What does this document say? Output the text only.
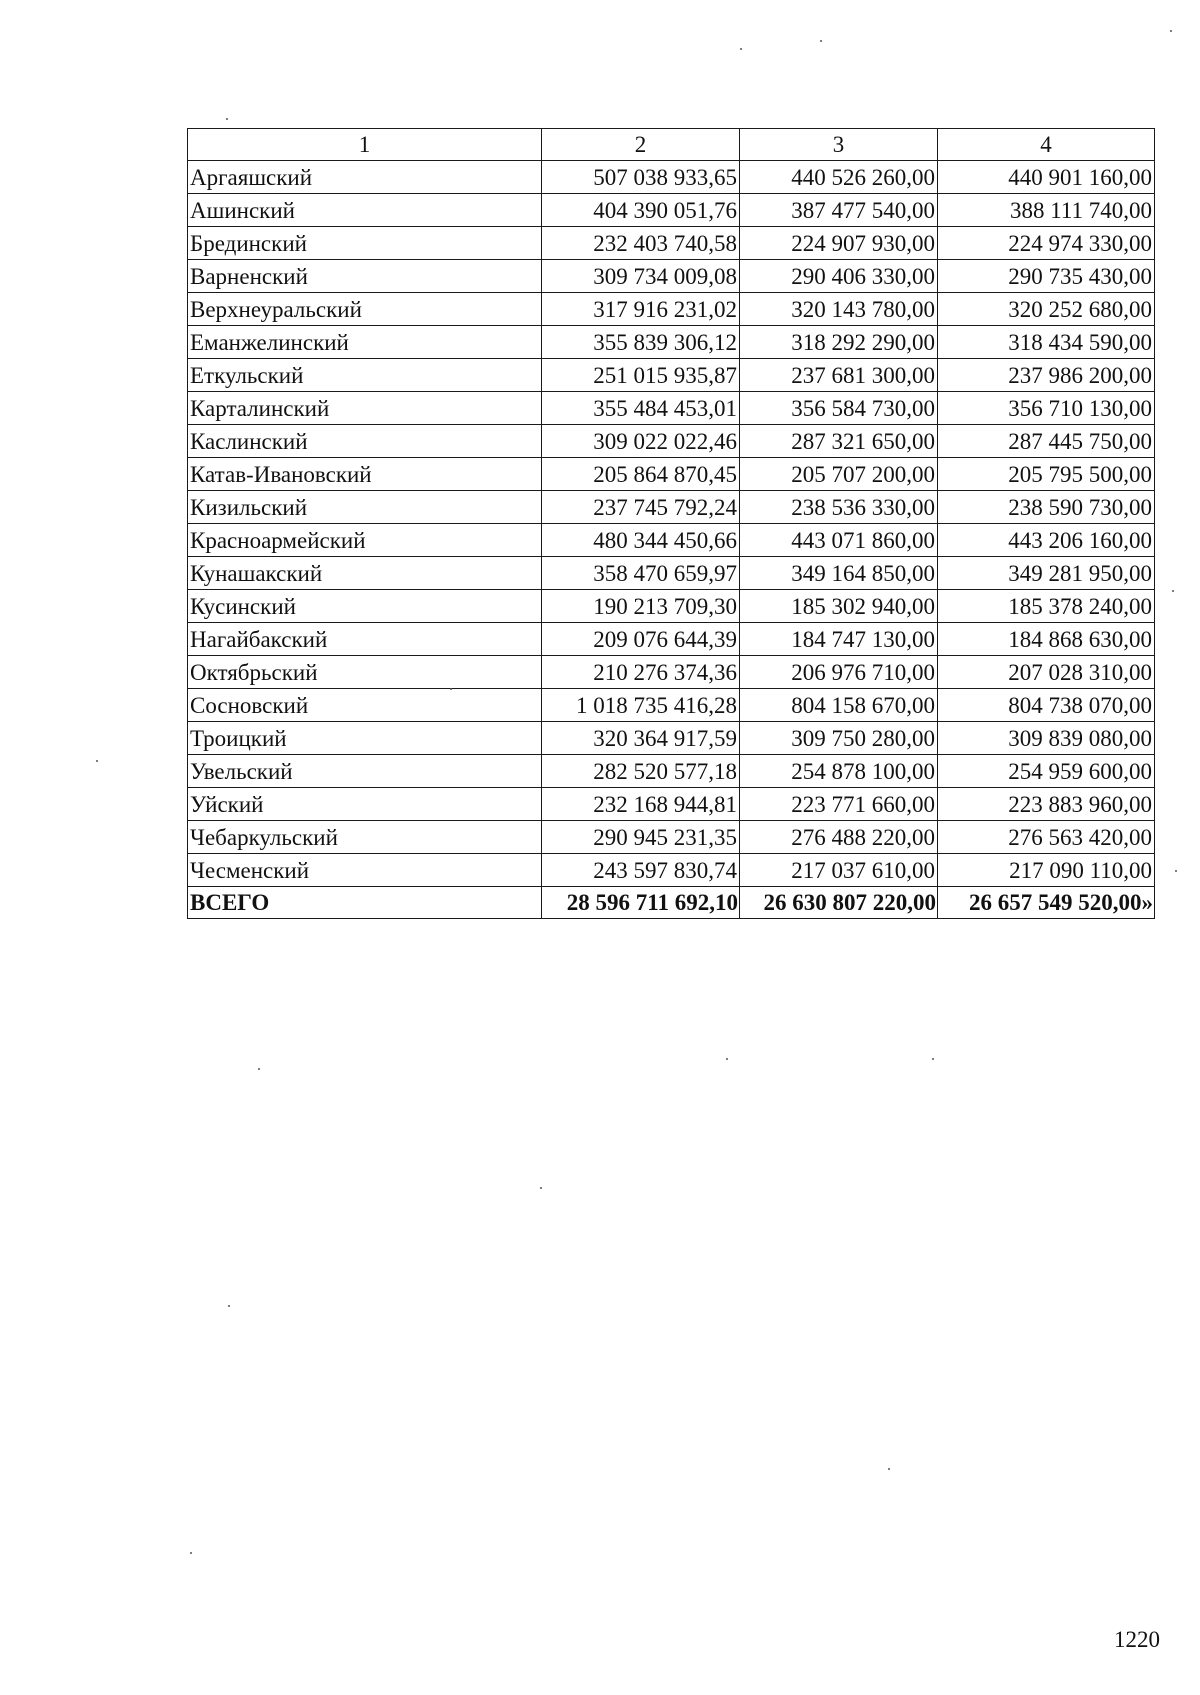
1	2	3	4
Аргаяшский	507 038 933,65	440 526 260,00	440 901 160,00
Ашинский	404 390 051,76	387 477 540,00	388 111 740,00
Брединский	232 403 740,58	224 907 930,00	224 974 330,00
Варненский	309 734 009,08	290 406 330,00	290 735 430,00
Верхнеуральский	317 916 231,02	320 143 780,00	320 252 680,00
Еманжелинский	355 839 306,12	318 292 290,00	318 434 590,00
Еткульский	251 015 935,87	237 681 300,00	237 986 200,00
Карталинский	355 484 453,01	356 584 730,00	356 710 130,00
Каслинский	309 022 022,46	287 321 650,00	287 445 750,00
Катав-Ивановский	205 864 870,45	205 707 200,00	205 795 500,00
Кизильский	237 745 792,24	238 536 330,00	238 590 730,00
Красноармейский	480 344 450,66	443 071 860,00	443 206 160,00
Кунашакский	358 470 659,97	349 164 850,00	349 281 950,00
Кусинский	190 213 709,30	185 302 940,00	185 378 240,00
Нагайбакский	209 076 644,39	184 747 130,00	184 868 630,00
Октябрьский	210 276 374,36	206 976 710,00	207 028 310,00
Сосновский	1 018 735 416,28	804 158 670,00	804 738 070,00
Троицкий	320 364 917,59	309 750 280,00	309 839 080,00
Увельский	282 520 577,18	254 878 100,00	254 959 600,00
Уйский	232 168 944,81	223 771 660,00	223 883 960,00
Чебаркульский	290 945 231,35	276 488 220,00	276 563 420,00
Чесменский	243 597 830,74	217 037 610,00	217 090 110,00
ВСЕГО	28 596 711 692,10	26 630 807 220,00	26 657 549 520,00»
1220
